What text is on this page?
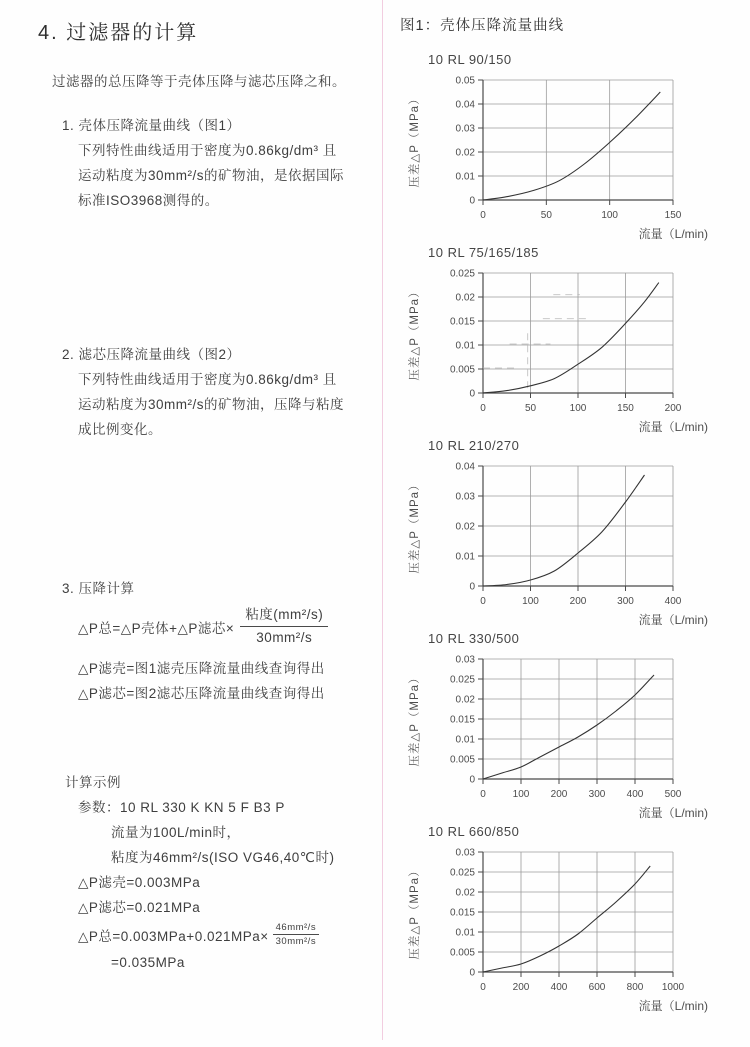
4. 过滤器的计算

过滤器的总压降等于壳体压降与滤芯压降之和。

1. 壳体压降流量曲线（图1）
下列特性曲线适用于密度为0.86kg/dm³ 且
运动粘度为30mm²/s的矿物油，是依据国际
标准ISO3968测得的。
2. 滤芯压降流量曲线（图2）
下列特性曲线适用于密度为0.86kg/dm³ 且
运动粘度为30mm²/s的矿物油，压降与粘度
成比例变化。
3. 压降计算
△P总=△P壳体+△P滤芯× $\frac{\text{粘度(mm²/s)}}{\text{30mm²/s}}$
△P滤壳=图1滤壳压降流量曲线查询得出
△P滤芯=图2滤芯压降流量曲线查询得出
计算示例
参数：10 RL 330 K KN 5 F B3 P
流量为100L/min时，
粘度为46mm²/s(ISO VG46,40℃时)
△P滤壳=0.003MPa
△P滤芯=0.021MPa
△P总$=0.003MPa+0.021MPa\times \frac{\text{46mm²/s}}{\text{30mm²/s}}$
=0.035MPa
图1：壳体压降流量曲线
10 RL 90/150
0
0.01
0.02
0.03
0.04
0.05
0	50	100	150
压差△P（MPa）
流量（L/min)
10 RL 75/165/185
0
0.005
0.01
0.015
0.02
0.025
0	50	100	150	200
压差△P（MPa）
流量（L/min)
10 RL 210/270
0
0.01
0.02
0.03
0.04
0	100	200	300	400
压差△P（MPa）
流量（L/min)
10 RL 330/500
0
0.005
0.01
0.015
0.02
0.025
0.03
0	100 200 300 400 500
压差△P（MPa）
流量（L/min)
10 RL 660/850
0
0.005
0.01
0.015
0.02
0.025
0.03
0	200 400 600 800 1000
压差△P（MPa）
流量（L/min)
